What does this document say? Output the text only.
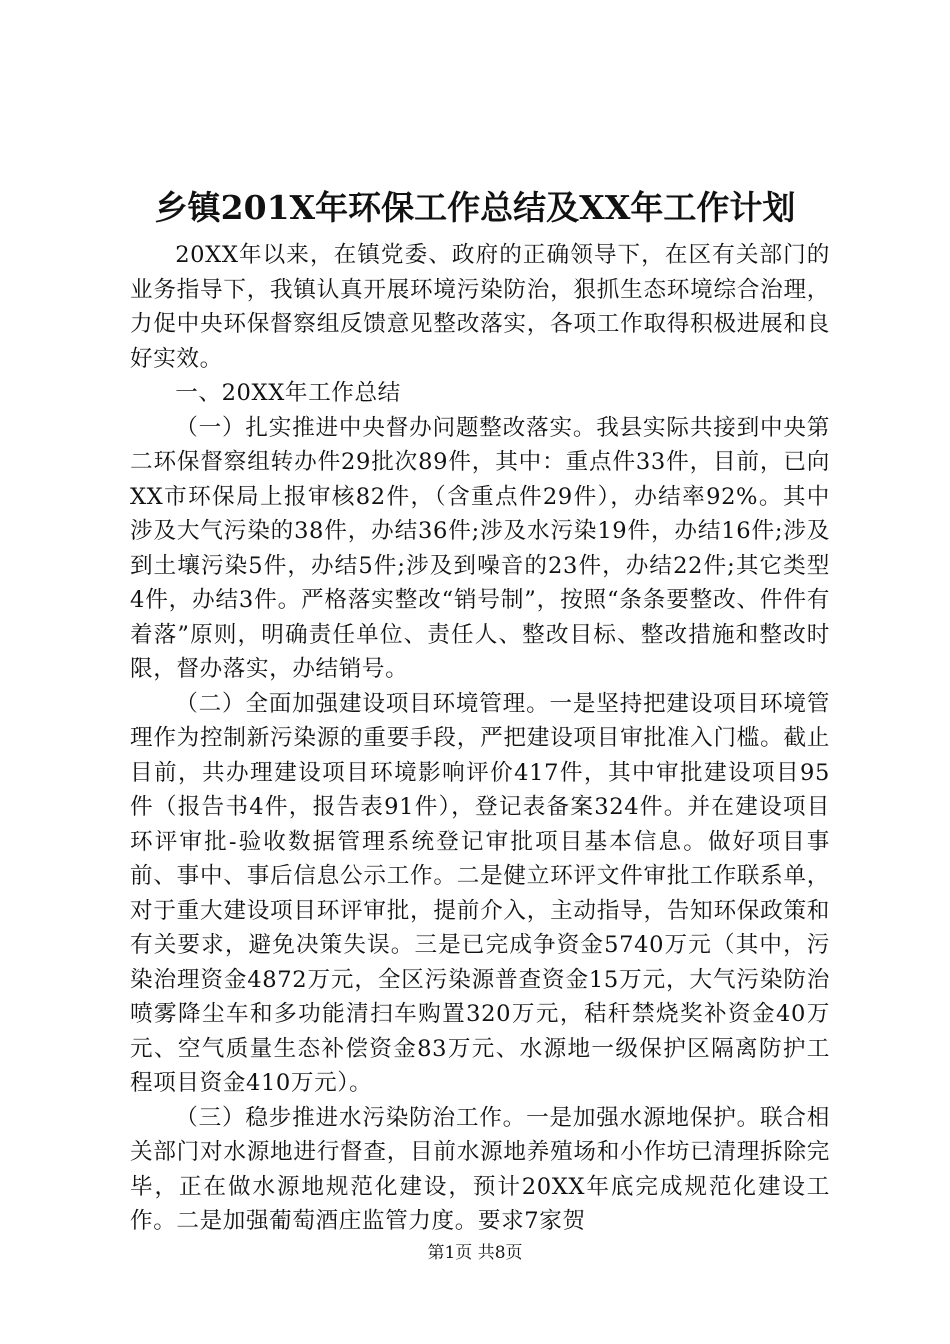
乡镇201X年环保工作总结及XX年工作计划

20XX年以来，在镇党委、政府的正确领导下，在区有关部门的业务指导下，我镇认真开展环境污染防治，狠抓生态环境综合治理，力促中央环保督察组反馈意见整改落实，各项工作取得积极进展和良好实效。

一、20XX年工作总结

（一）扎实推进中央督办问题整改落实。我县实际共接到中央第二环保督察组转办件29批次89件，其中：重点件33件，目前，已向XX市环保局上报审核82件，（含重点件29件），办结率92%。其中涉及大气污染的38件，办结36件;涉及水污染19件，办结16件;涉及到土壤污染5件，办结5件;涉及到噪音的23件，办结22件;其它类型4件，办结3件。严格落实整改“销号制”，按照“条条要整改、件件有着落”原则，明确责任单位、责任人、整改目标、整改措施和整改时限，督办落实，办结销号。

（二）全面加强建设项目环境管理。一是坚持把建设项目环境管理作为控制新污染源的重要手段，严把建设项目审批准入门槛。截止目前，共办理建设项目环境影响评价417件，其中审批建设项目95件（报告书4件，报告表91件），登记表备案324件。并在建设项目环评审批-验收数据管理系统登记审批项目基本信息。做好项目事前、事中、事后信息公示工作。二是健立环评文件审批工作联系单，对于重大建设项目环评审批，提前介入，主动指导，告知环保政策和有关要求，避免决策失误。三是已完成争资金5740万元（其中，污染治理资金4872万元，全区污染源普查资金15万元，大气污染防治喷雾降尘车和多功能清扫车购置320万元，秸秆禁烧奖补资金40万元、空气质量生态补偿资金83万元、水源地一级保护区隔离防护工程项目资金410万元）。

（三）稳步推进水污染防治工作。一是加强水源地保护。联合相关部门对水源地进行督查，目前水源地养殖场和小作坊已清理拆除完毕，正在做水源地规范化建设，预计20XX年底完成规范化建设工作。二是加强葡萄酒庄监管力度。要求7家贺

第1页 共8页
